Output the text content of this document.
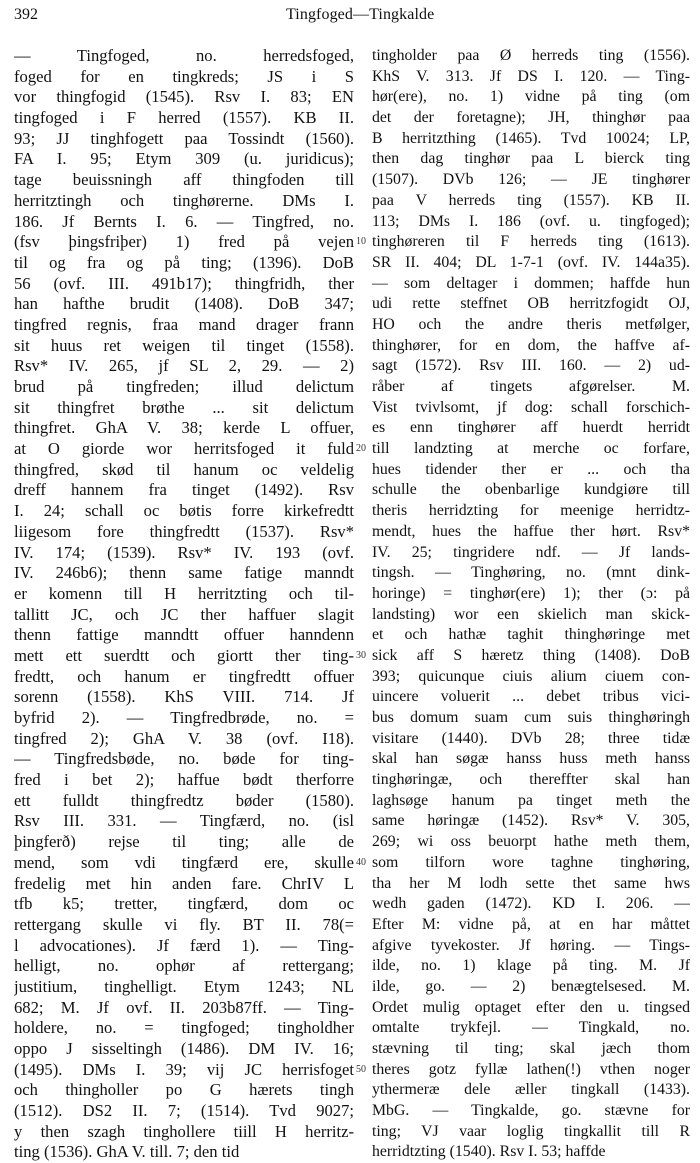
392	Tingfoged—Tingkalde
— Tingfoged, no. herredsfoged,
foged for en tingkreds; JS i S
vor thingfogid (1545). Rsv I. 83; EN
tingfoged i F herred (1557). KB II.
93; JJ tinghfogett paa Tossindt (1560).
FA I. 95; Etym 309 (u. juridicus);
tage beuissningh aff thingfoden till
herritztingh och tinghørerne. DMs I.
186. Jf Bernts I. 6. — Tingfred, no.
(fsv þingsfriþer) 1) fred på vejen
til og fra og på ting; (1396). DoB
56 (ovf. III. 491b17); thingfridh, ther
han hafthe brudit (1408). DoB 347;
tingfred regnis, fraa mand drager frann
sit huus ret weigen til tinget (1558).
Rsv* IV. 265, jf SL 2, 29. — 2)
brud på tingfreden; illud delictum
sit thingfret brøthe ... sit delictum
thingfret. GhA V. 38; kerde L offuer,
at O giorde wor herritsfoged it fuld
thingfred, skød til hanum oc veldelig
dreff hannem fra tinget (1492). Rsv
I. 24; schall oc bøtis forre kirkefredtt
liigesom fore thingfredtt (1537). Rsv*
IV. 174; (1539). Rsv* IV. 193 (ovf.
IV. 246b6); thenn same fatige manndt
er komenn till H herritzting och til-
tallitt JC, och JC ther haffuer slagit
thenn fattige manndtt offuer hanndenn
mett ett suerdtt och giortt ther ting-
fredtt, och hanum er tingfredtt offuer
sorenn (1558). KhS VIII. 714. Jf
byfrid 2). — Tingfredbrøde, no. =
tingfred 2); GhA V. 38 (ovf. I18).
— Tingfredsbøde, no. bøde for ting-
fred i bet 2); haffue bødt therforre
ett fulldt thingfredtz bøder (1580).
Rsv III. 331. — Tingfærd, no. (isl
þingferð) rejse til ting; alle de
mend, som vdi tingfærd ere, skulle
fredelig met hin anden fare. ChrIV L
tfb k5; tretter, tingfærd, dom oc
rettergang skulle vi fly. BT II. 78(=
l advocationes). Jf færd 1). — Ting-
helligt, no. ophør af rettergang;
justitium, tinghelligt. Etym 1243; NL
682; M. Jf ovf. II. 203b87ff. — Ting-
holdere, no. = tingfoged; tingholdher
oppo J sisseltingh (1486). DM IV. 16;
(1495). DMs I. 39; vij JC herrisfoget
och thingholler po G hærets tingh
(1512). DS2 II. 7; (1514). Tvd 9027;
y then szagh tinghollere tiill H herritz-
ting (1536). GhA V. till. 7; den tid
10
20
30
40
50
tingholder paa Ø herreds ting (1556).
KhS V. 313. Jf DS I. 120. — Ting-
hør(ere), no. 1) vidne på ting (om
det der foretagne); JH, thinghør paa
B herritzthing (1465). Tvd 10024; LP,
then dag tinghør paa L bierck ting
(1507). DVb 126; — JE tinghører
paa V herreds ting (1557). KB II.
113; DMs I. 186 (ovf. u. tingfoged);
tinghøreren til F herreds ting (1613).
SR II. 404; DL 1-7-1 (ovf. IV. 144a35).
— som deltager i dommen; haffde hun
udi rette steffnet OB herritzfogidt OJ,
HO och the andre theris metfølger,
thinghører, for en dom, the haffve af-
sagt (1572). Rsv III. 160. — 2) ud-
råber af tingets afgørelser. M.
Vist tvivlsomt, jf dog: schall forschich-
es enn tinghører aff huerdt herridt
till landzting at merche oc forfare,
hues tidender ther er ... och tha
schulle the obenbarlige kundgiøre till
theris herridzting for meenige herridtz-
mendt, hues the haffue ther hørt. Rsv*
IV. 25; tingridere ndf. — Jf lands-
tingsh. — Tinghøring, no. (mnt dink-
horinge) = tinghør(ere) 1); ther (ɔ: på
landsting) wor een skielich man skick-
et och hathæ taghit thinghøringe met
sick aff S hæretz thing (1408). DoB
393; quicunque ciuis alium ciuem con-
uincere voluerit ... debet tribus vici-
bus domum suam cum suis thinghøringh
visitare (1440). DVb 28; three tidæ
skal han søgæ hanss huss meth hanss
tinghøringæ, och thereffter skal han
laghsøge hanum pa tinget meth the
same høringæ (1452). Rsv* V. 305,
269; wi oss beuorpt hathe meth them,
som tilforn wore taghne tinghøring,
tha her M lodh sette thet same hws
wedh gaden (1472). KD I. 206. —
Efter M: vidne på, at en har måttet
afgive tyvekoster. Jf høring. — Tings-
ilde, no. 1) klage på ting. M. Jf
ilde, go. — 2) benægtelsesed. M.
Ordet mulig optaget efter den u. tingsed
omtalte trykfejl. — Tingkald, no.
stævning til ting; skal jæch thom
theres gotz fyllæ lathen(!) vthen noger
ythermeræ dele æller tingkall (1433).
MbG. — Tingkalde, go. stævne for
ting; VJ vaar loglig tingkallit till R
herridtzting (1540). Rsv I. 53; haffde
